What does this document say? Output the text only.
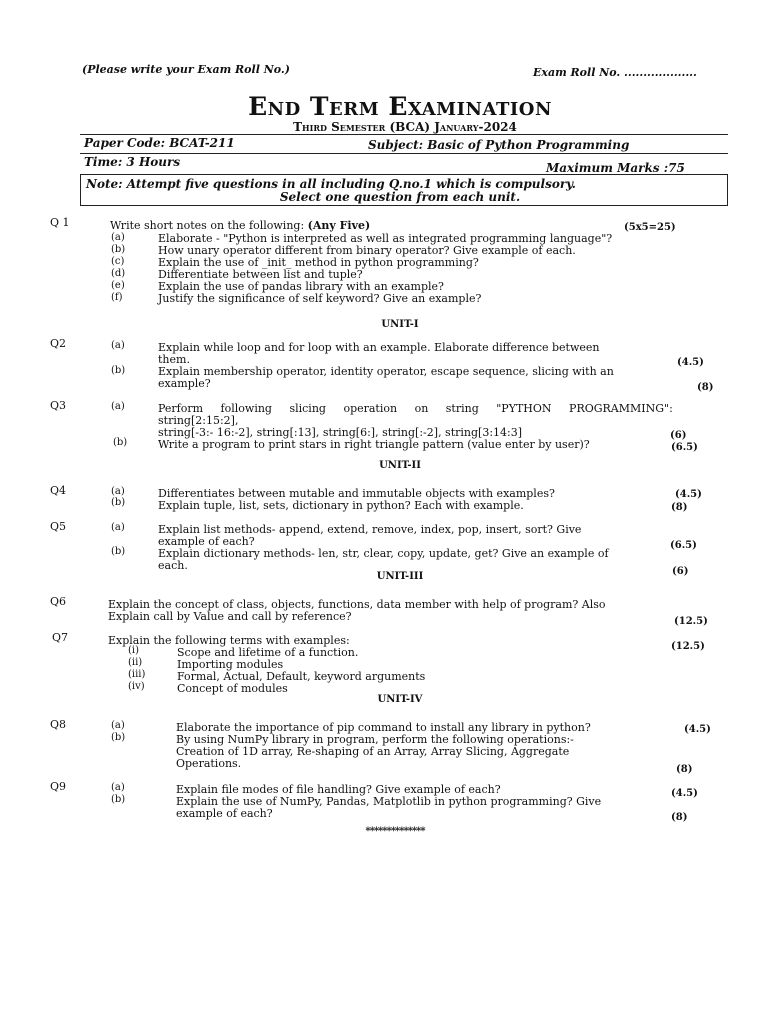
(Please write your Exam Roll No.)	Exam Roll No. ...................
End Term Examination
Third Semester (BCA) January-2024
Paper Code: BCAT-211	Subject: Basic of Python Programming
Time: 3 Hours	Maximum Marks :75
Note: Attempt five questions in all including Q.no.1 which is compulsory.
Select one question from each unit.
Q 1	Write short notes on the following: (Any Five)	(5x5=25)
(a)	Elaborate - "Python is interpreted as well as integrated programming language"?
(b)	How unary operator different from binary operator? Give example of each.
(c)	Explain the use of _init_ method in python programming?
(d)	Differentiate between list and tuple?
(e)	Explain the use of pandas library with an example?
(f)	Justify the significance of self keyword? Give an example?
UNIT-I
Q2	(a)	Explain while loop and for loop with an example. Elaborate difference between
them.	(4.5)
(b)	Explain membership operator, identity operator, escape sequence, slicing with an
example?	(8)
Q3	(a)	Perform following slicing operation on string "PYTHON PROGRAMMING":
string[2:15:2],
string[-3:- 16:-2], string[:13], string[6:], string[:-2], string[3:14:3]	(6)
(b)	Write a program to print stars in right triangle pattern (value enter by user)?	(6.5)
UNIT-II
Q4	(a)	Differentiates between mutable and immutable objects with examples?	(4.5)
(b)	Explain tuple, list, sets, dictionary in python? Each with example.	(8)
Q5	(a)	Explain list methods- append, extend, remove, index, pop, insert, sort? Give
example of each?	(6.5)
(b)	Explain dictionary methods- len, str, clear, copy, update, get? Give an example of
each.	(6)
UNIT-III
Q6	Explain the concept of class, objects, functions, data member with help of program? Also
Explain call by Value and call by reference?	(12.5)
Q7	Explain the following terms with examples:	(12.5)
(i)	Scope and lifetime of a function.
(ii)	Importing modules
(iii)	Formal, Actual, Default, keyword arguments
(iv)	Concept of modules
UNIT-IV
Q8	(a)	Elaborate the importance of pip command to install any library in python?	(4.5)
(b)	By using NumPy library in program, perform the following operations:-
Creation of 1D array, Re-shaping of an Array, Array Slicing, Aggregate
Operations.	(8)
Q9	(a)	Explain file modes of file handling? Give example of each?	(4.5)
(b)	Explain the use of NumPy, Pandas, Matplotlib in python programming? Give
example of each?	(8)
**************
